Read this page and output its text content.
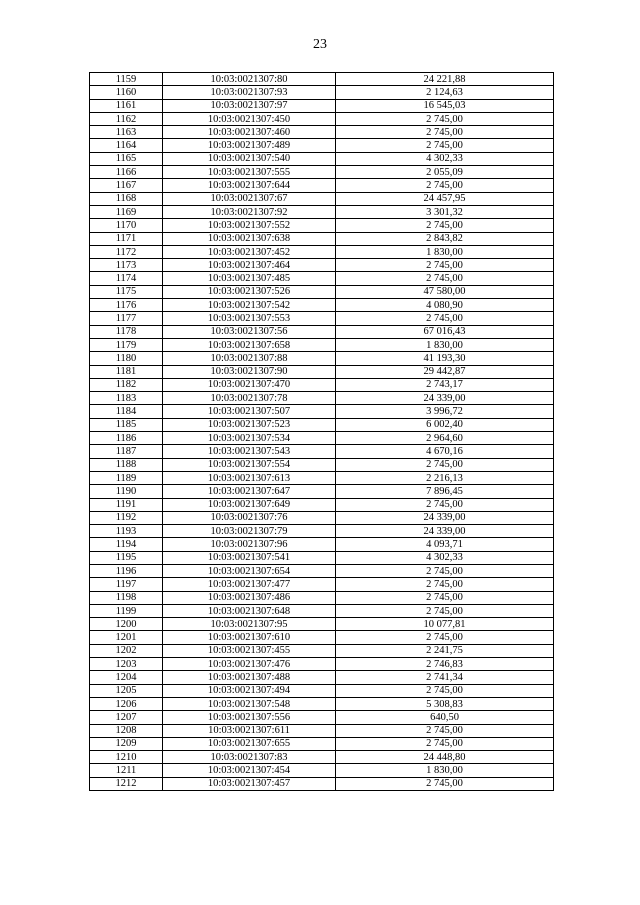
23
1159	10:03:0021307:80	24 221,88
1160	10:03:0021307:93	2 124,63
1161	10:03:0021307:97	16 545,03
1162	10:03:0021307:450	2 745,00
1163	10:03:0021307:460	2 745,00
1164	10:03:0021307:489	2 745,00
1165	10:03:0021307:540	4 302,33
1166	10:03:0021307:555	2 055,09
1167	10:03:0021307:644	2 745,00
1168	10:03:0021307:67	24 457,95
1169	10:03:0021307:92	3 301,32
1170	10:03:0021307:552	2 745,00
1171	10:03:0021307:638	2 843,82
1172	10:03:0021307:452	1 830,00
1173	10:03:0021307:464	2 745,00
1174	10:03:0021307:485	2 745,00
1175	10:03:0021307:526	47 580,00
1176	10:03:0021307:542	4 080,90
1177	10:03:0021307:553	2 745,00
1178	10:03:0021307:56	67 016,43
1179	10:03:0021307:658	1 830,00
1180	10:03:0021307:88	41 193,30
1181	10:03:0021307:90	29 442,87
1182	10:03:0021307:470	2 743,17
1183	10:03:0021307:78	24 339,00
1184	10:03:0021307:507	3 996,72
1185	10:03:0021307:523	6 002,40
1186	10:03:0021307:534	2 964,60
1187	10:03:0021307:543	4 670,16
1188	10:03:0021307:554	2 745,00
1189	10:03:0021307:613	2 216,13
1190	10:03:0021307:647	7 896,45
1191	10:03:0021307:649	2 745,00
1192	10:03:0021307:76	24 339,00
1193	10:03:0021307:79	24 339,00
1194	10:03:0021307:96	4 093,71
1195	10:03:0021307:541	4 302,33
1196	10:03:0021307:654	2 745,00
1197	10:03:0021307:477	2 745,00
1198	10:03:0021307:486	2 745,00
1199	10:03:0021307:648	2 745,00
1200	10:03:0021307:95	10 077,81
1201	10:03:0021307:610	2 745,00
1202	10:03:0021307:455	2 241,75
1203	10:03:0021307:476	2 746,83
1204	10:03:0021307:488	2 741,34
1205	10:03:0021307:494	2 745,00
1206	10:03:0021307:548	5 308,83
1207	10:03:0021307:556	640,50
1208	10:03:0021307:611	2 745,00
1209	10:03:0021307:655	2 745,00
1210	10:03:0021307:83	24 448,80
1211	10:03:0021307:454	1 830,00
1212	10:03:0021307:457	2 745,00
